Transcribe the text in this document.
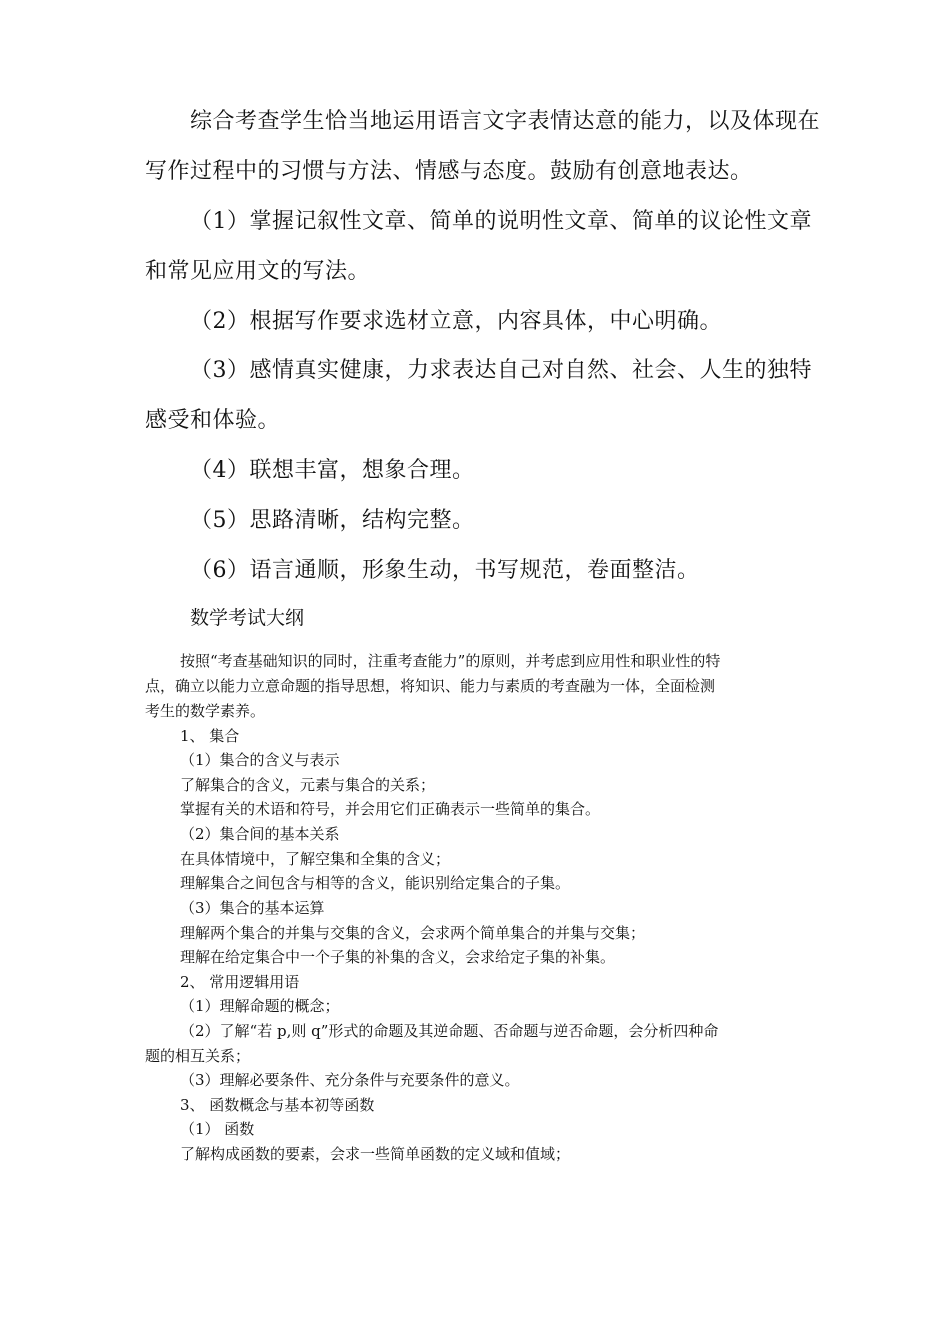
综合考查学生恰当地运用语言文字表情达意的能力，以及体现在
写作过程中的习惯与方法、情感与态度。鼓励有创意地表达。
（1）掌握记叙性文章、简单的说明性文章、简单的议论性文章
和常见应用文的写法。
（2）根据写作要求选材立意，内容具体，中心明确。
（3）感情真实健康，力求表达自己对自然、社会、人生的独特
感受和体验。
（4）联想丰富，想象合理。
（5）思路清晰，结构完整。
（6）语言通顺，形象生动，书写规范，卷面整洁。
数学考试大纲
按照“考查基础知识的同时，注重考查能力”的原则，并考虑到应用性和职业性的特
点，确立以能力立意命题的指导思想，将知识、能力与素质的考查融为一体，全面检测
考生的数学素养。
1、 集合
（1）集合的含义与表示
了解集合的含义，元素与集合的关系；
掌握有关的术语和符号，并会用它们正确表示一些简单的集合。
（2）集合间的基本关系
在具体情境中，了解空集和全集的含义；
理解集合之间包含与相等的含义，能识别给定集合的子集。
（3）集合的基本运算
理解两个集合的并集与交集的含义，会求两个简单集合的并集与交集；
理解在给定集合中一个子集的补集的含义，会求给定子集的补集。
2、 常用逻辑用语
（1）理解命题的概念；
（2）了解“若 p,则 q”形式的命题及其逆命题、否命题与逆否命题，会分析四种命
题的相互关系；
（3）理解必要条件、充分条件与充要条件的意义。
3、 函数概念与基本初等函数
（1） 函数
了解构成函数的要素，会求一些简单函数的定义域和值域；
